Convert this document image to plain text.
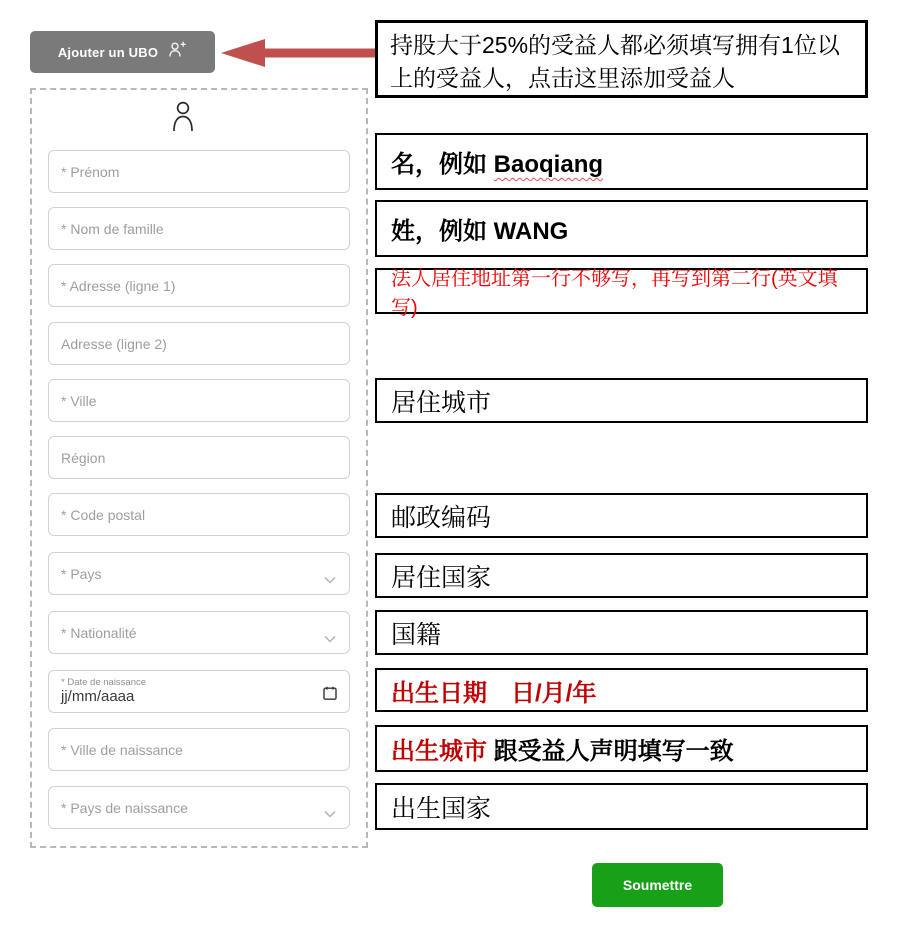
Ajouter un UBO
* Prénom
* Nom de famille
* Adresse (ligne 1)
Adresse (ligne 2)
* Ville
Région
* Code postal
* Pays
* Nationalité
* Date de naissance
jj/mm/aaaa
* Ville de naissance
* Pays de naissance
持股大于25%的受益人都必须填写拥有1位以上的受益人，点击这里添加受益人
名，例如 Baoqiang
姓，例如 WANG
法人居住地址第一行不够写，再写到第二行(英文填写)
居住城市
邮政编码
居住国家
国籍
出生日期　日/月/年
出生城市 跟受益人声明填写一致
出生国家
Soumettre
